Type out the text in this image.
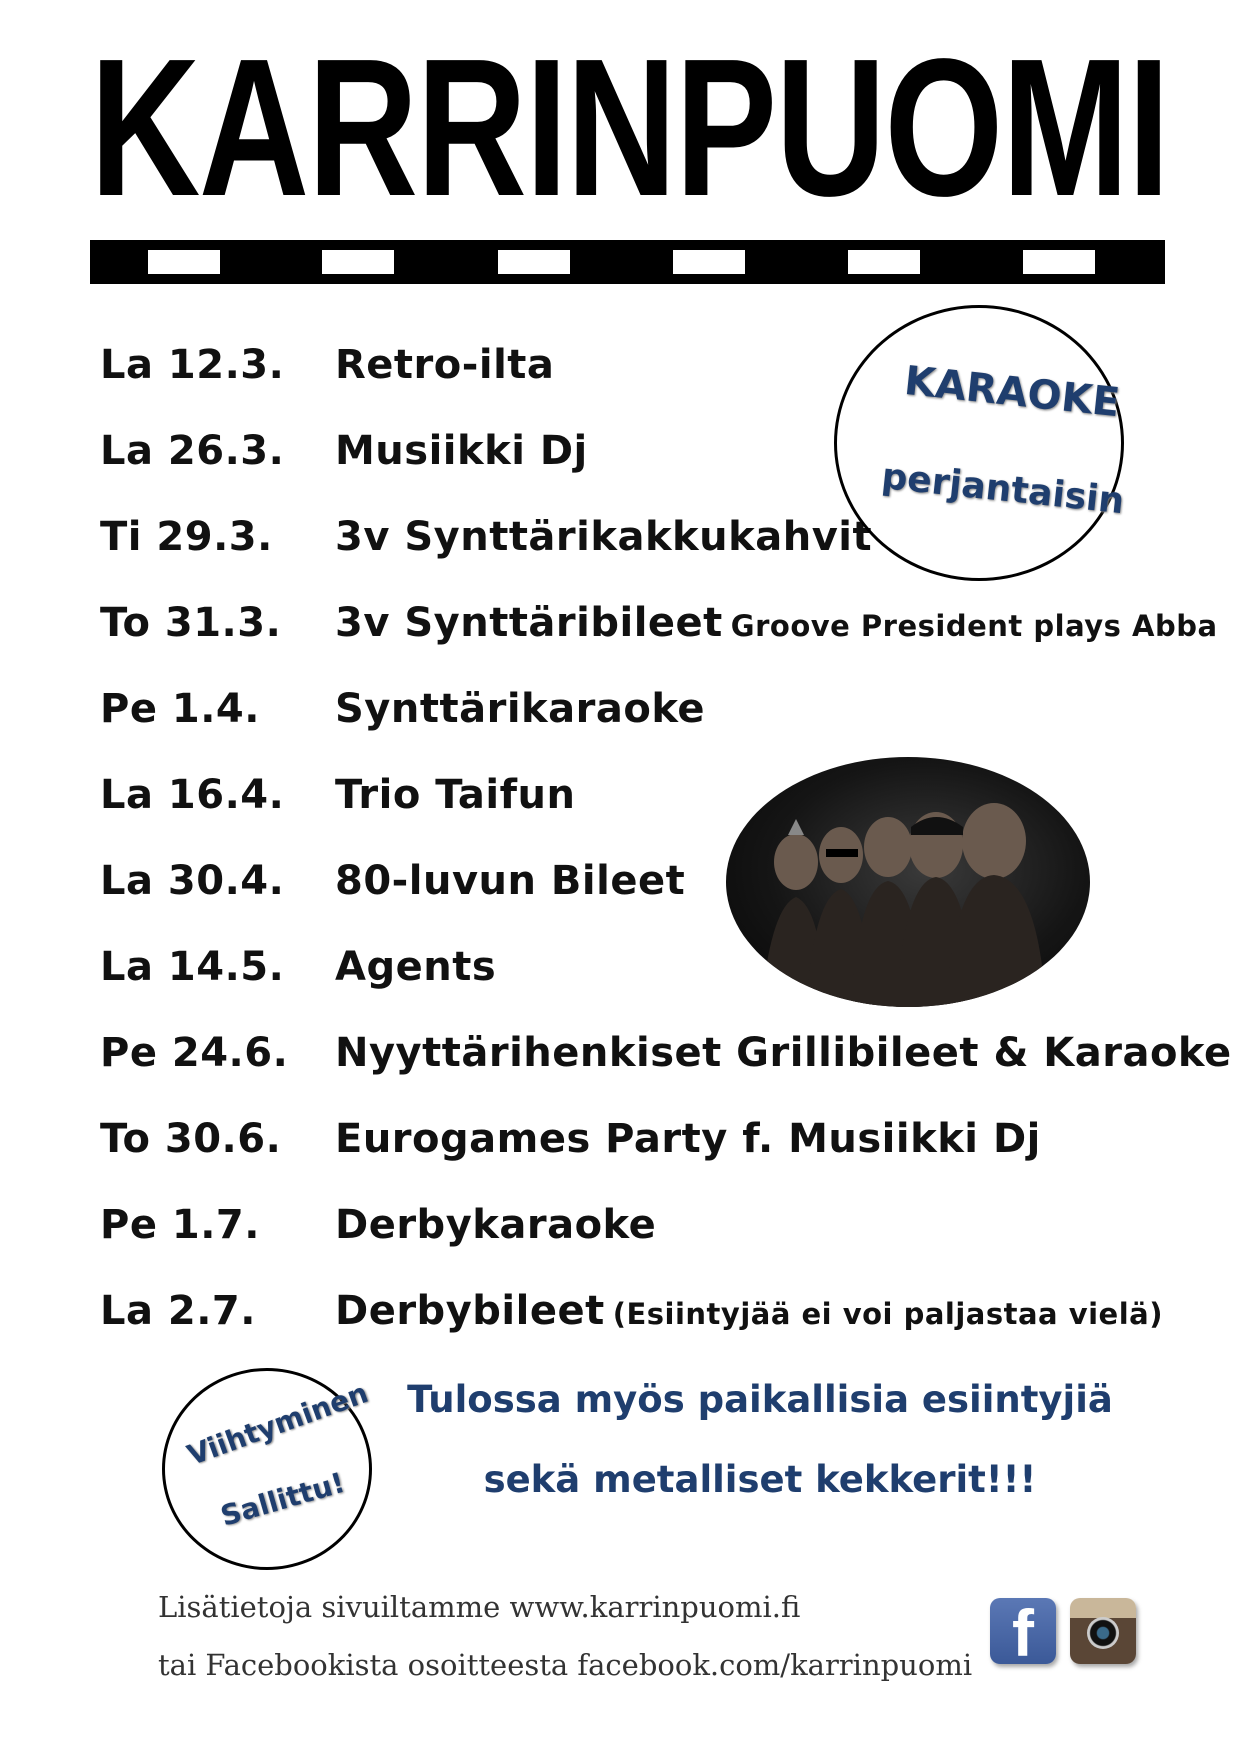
KARRINPUOMI
La 12.3. Retro-ilta
La 26.3. Musiikki Dj
Ti 29.3. 3v Synttärikakkukahvit
To 31.3. 3v Synttäribileet Groove President plays Abba
Pe 1.4. Synttärikaraoke
La 16.4. Trio Taifun
La 30.4. 80-luvun Bileet
La 14.5. Agents
Pe 24.6. Nyyttärihenkiset Grillibileet & Karaoke
To 30.6. Eurogames Party f. Musiikki Dj
Pe 1.7. Derbykaraoke
La 2.7. Derbybileet (Esiintyjää ei voi paljastaa vielä)
KARAOKE
perjantaisin
Viihtyminen
Sallittu!
Tulossa myös paikallisia esiintyjiä
sekä metalliset kekkerit!!!
Lisätietoja sivuiltamme www.karrinpuomi.fi
tai Facebookista osoitteesta facebook.com/karrinpuomi f
